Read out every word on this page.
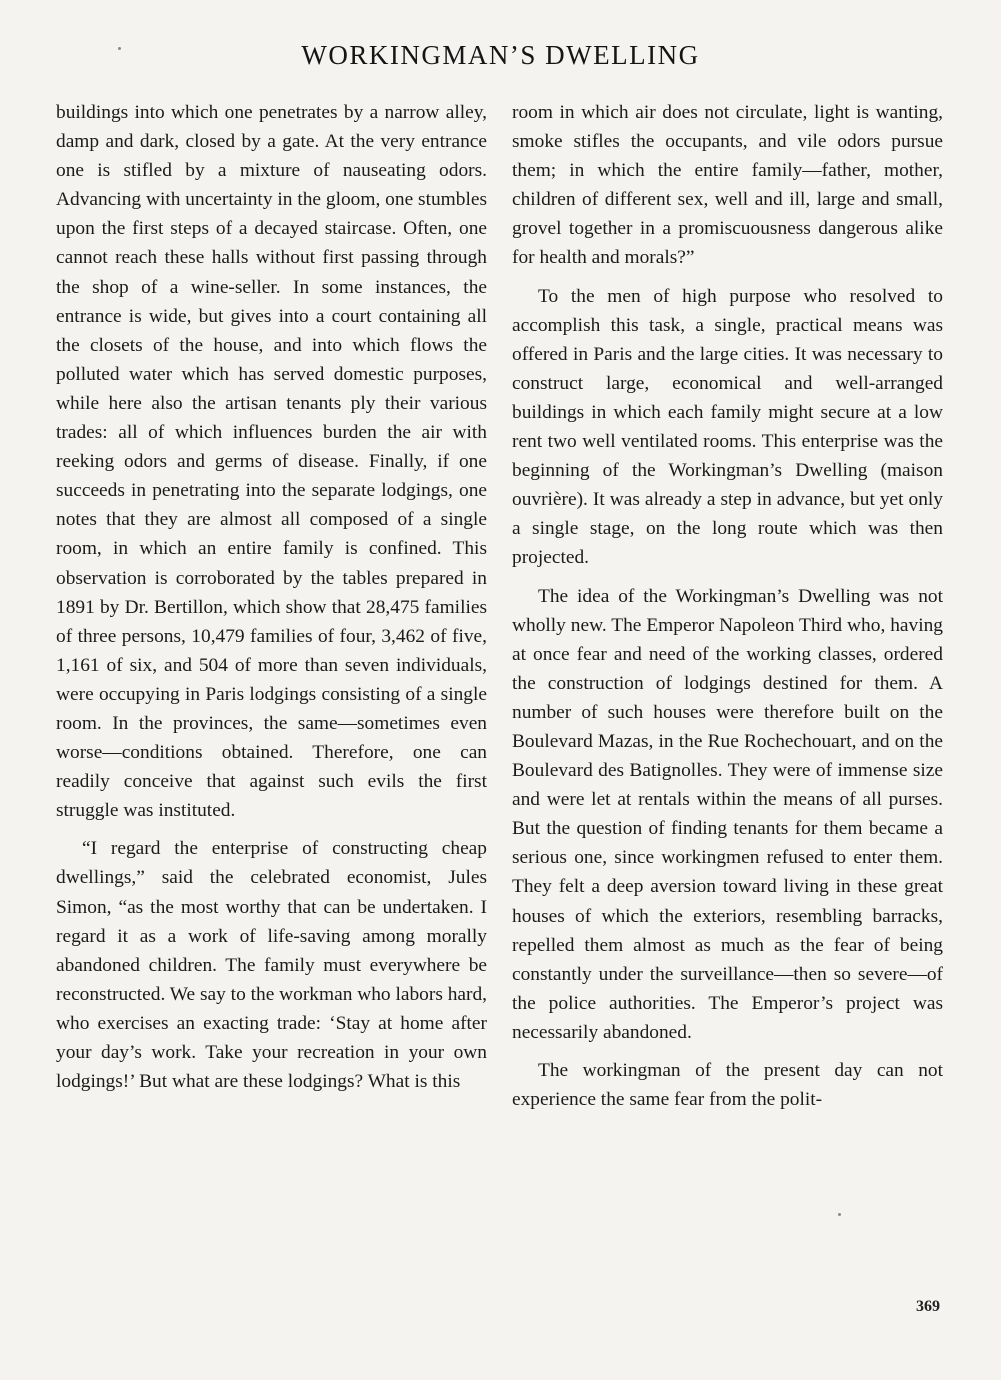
WORKINGMAN’S DWELLING

buildings into which one penetrates by a narrow alley, damp and dark, closed by a gate. At the very entrance one is stifled by a mixture of nauseating odors. Advancing with uncertainty in the gloom, one stumbles upon the first steps of a decayed staircase. Often, one cannot reach these halls without first passing through the shop of a wine-seller. In some instances, the entrance is wide, but gives into a court containing all the closets of the house, and into which flows the polluted water which has served domestic purposes, while here also the artisan tenants ply their various trades: all of which influences burden the air with reeking odors and germs of disease. Finally, if one succeeds in penetrating into the separate lodgings, one notes that they are almost all composed of a single room, in which an entire family is confined. This observation is corroborated by the tables prepared in 1891 by Dr. Bertillon, which show that 28,475 families of three persons, 10,479 families of four, 3,462 of five, 1,161 of six, and 504 of more than seven individuals, were occupying in Paris lodgings consisting of a single room. In the provinces, the same—sometimes even worse—conditions obtained. Therefore, one can readily conceive that against such evils the first struggle was instituted.

“I regard the enterprise of constructing cheap dwellings,” said the celebrated economist, Jules Simon, “as the most worthy that can be undertaken. I regard it as a work of life-saving among morally abandoned children. The family must everywhere be reconstructed. We say to the workman who labors hard, who exercises an exacting trade: ‘Stay at home after your day’s work. Take your recreation in your own lodgings!’ But what are these lodgings? What is this

room in which air does not circulate, light is wanting, smoke stifles the occupants, and vile odors pursue them; in which the entire family—father, mother, children of different sex, well and ill, large and small, grovel together in a promiscuousness dangerous alike for health and morals?”

To the men of high purpose who resolved to accomplish this task, a single, practical means was offered in Paris and the large cities. It was necessary to construct large, economical and well-arranged buildings in which each family might secure at a low rent two well ventilated rooms. This enterprise was the beginning of the Workingman’s Dwelling (maison ouvrière). It was already a step in advance, but yet only a single stage, on the long route which was then projected.

The idea of the Workingman’s Dwelling was not wholly new. The Emperor Napoleon Third who, having at once fear and need of the working classes, ordered the construction of lodgings destined for them. A number of such houses were therefore built on the Boulevard Mazas, in the Rue Rochechouart, and on the Boulevard des Batignolles. They were of immense size and were let at rentals within the means of all purses. But the question of finding tenants for them became a serious one, since workingmen refused to enter them. They felt a deep aversion toward living in these great houses of which the exteriors, resembling barracks, repelled them almost as much as the fear of being constantly under the surveillance—then so severe—of the police authorities. The Emperor’s project was necessarily abandoned.

The workingman of the present day can not experience the same fear from the polit-

369
